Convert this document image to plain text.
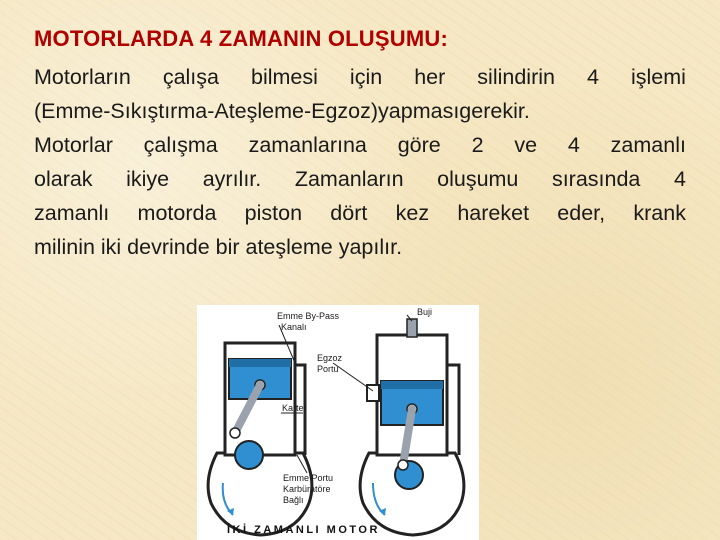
MOTORLARDA 4 ZAMANIN OLUŞUMU:
Motorların çalışa bilmesi için her silindirin 4 işlemi
(Emme-Sıkıştırma-Ateşleme-Egzoz)yapmasıgerekir.
Motorlar çalışma zamanlarına göre 2 ve 4 zamanlı
olarak ikiye ayrılır. Zamanların oluşumu sırasında 4
zamanlı motorda piston dört kez hareket eder, krank
milinin iki devrinde bir ateşleme yapılır.
Emme By-Pass
Kanalı
Buji
Egzoz
Portu
Karter
Emme Portu
Karbüratöre
Bağlı
İKİ ZAMANLI MOTOR
